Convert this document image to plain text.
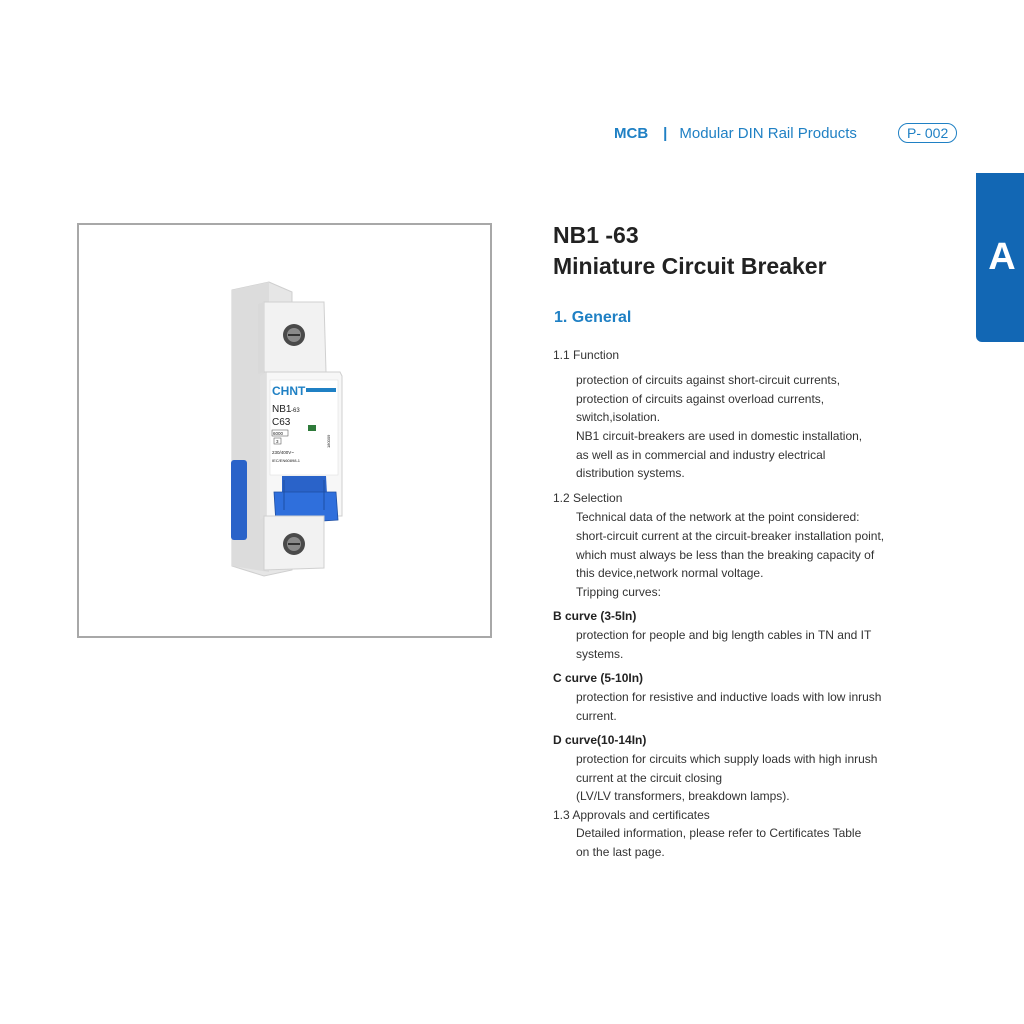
MCB | Modular DIN Rail Products	P- 002
A
CHNT
NB1 -63
C63
6000
3
230/400V~
IEC/EN60898-1
180009
NB1 -63
Miniature Circuit Breaker
1. General
1.1 Function
protection of circuits against short-circuit currents,
protection of circuits against overload currents,
switch,isolation.
NB1 circuit-breakers are used in domestic installation,
as well as in commercial and industry electrical
distribution systems.
1.2 Selection
Technical data of the network at the point considered:
short-circuit current at the circuit-breaker installation point,
which must always be less than the breaking capacity of
this device,network normal voltage.
Tripping curves:
B curve (3-5In)
protection for people and big length cables in TN and IT
systems.
C curve (5-10In)
protection for resistive and inductive loads with low inrush
current.
D curve(10-14In)
protection for circuits which supply loads with high inrush
current at the circuit closing
(LV/LV transformers, breakdown lamps).
1.3 Approvals and certificates
Detailed information, please refer to Certificates Table
on the last page.
